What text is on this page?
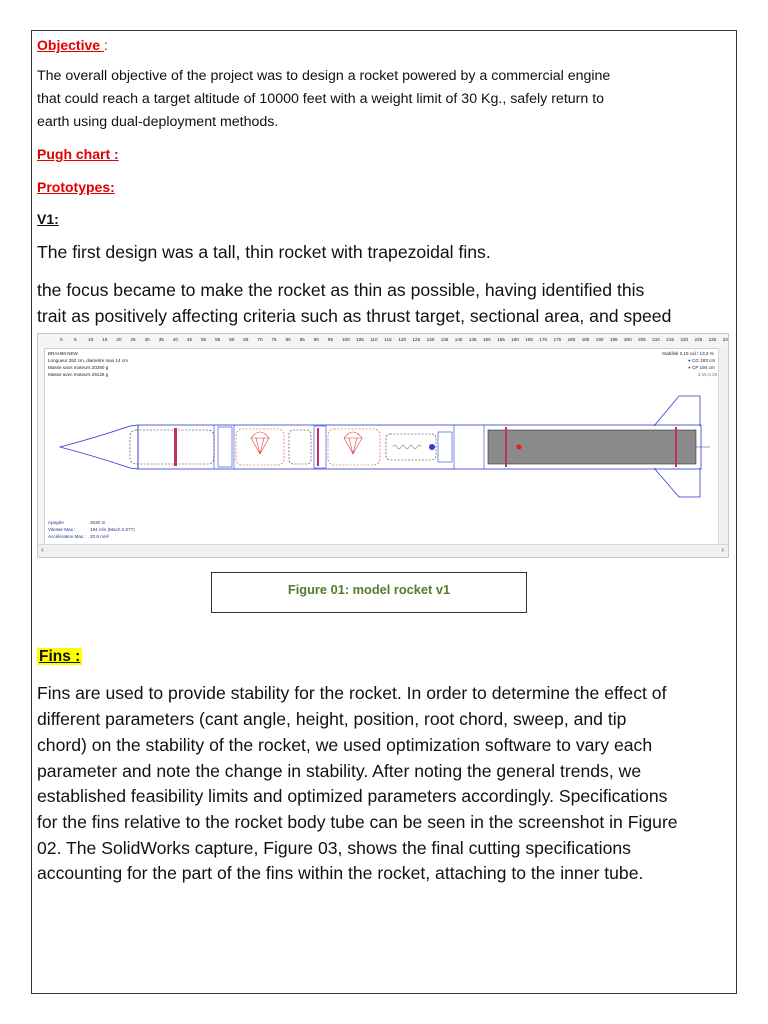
Objective :
The overall objective of the project was to design a rocket powered by a commercial engine
that could reach a target altitude of 10000 feet with a weight limit of 30 Kg., safely return to
earth using dual-deployment methods.
Pugh chart :
Prototypes:
V1:
The first design was a tall, thin rocket with trapezoidal fins.
the focus became to make the rocket as thin as possible, having identified this
trait as positively affecting criteria such as thrust target, sectional area, and speed
0	5	10 15 20 25 30 35 40 45 50 55 60 65 70 75 80 85 90 95 100 105 110 115 120 125 130 135 140 145 150 155 160 165 170 175 180 185 190 195 200 205 210 215 220 225 230 23
‹	›
BRAHIM NEW
Longueur 252 cm, diamètre max 14 cm
Masse sans moteurs 20260 g
Masse avec moteurs 29128 g
Stabilité 2,19 cal / 13,3 %
● CG 183 cm
● CP 194 cm
à M=0,30
Apogée	3030 m
Vitesse Max.:	194 m/s (Mach 0.577)
Accélération Max.: 20.8 m/s²
Figure 01: model rocket v1
Fins :
Fins are used to provide stability for the rocket. In order to determine the effect of
different parameters (cant angle, height, position, root chord, sweep, and tip
chord) on the stability of the rocket, we used optimization software to vary each
parameter and note the change in stability. After noting the general trends, we
established feasibility limits and optimized parameters accordingly. Specifications
for the fins relative to the rocket body tube can be seen in the screenshot in Figure
02. The SolidWorks capture, Figure 03, shows the final cutting specifications
accounting for the part of the fins within the rocket, attaching to the inner tube.
